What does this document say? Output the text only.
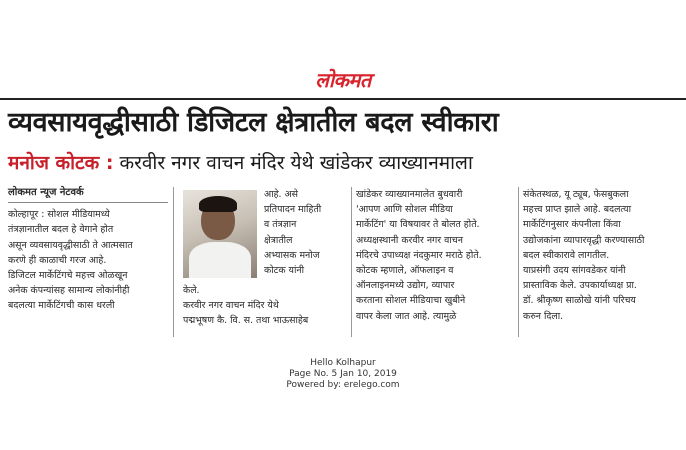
लोकमत
व्यवसायवृद्धीसाठी डिजिटल क्षेत्रातील बदल स्वीकारा
मनोज कोटक : करवीर नगर वाचन मंदिर येथे खांडेकर व्याख्यानमाला
लोकमत न्यूज नेटवर्क
कोल्हापूर : सोशल मीडियामध्ये
तंत्रज्ञानातील बदल हे वेगाने होत
असून व्यवसायवृद्धीसाठी ते आत्मसात
करणे ही काळाची गरज आहे.
डिजिटल मार्केटिंगचे महत्त्व ओळखून
अनेक कंपन्यांसह सामान्य लोकांनीही
बदलत्या मार्केटिंगची कास धरली
आहे. असे
प्रतिपादन माहिती
व तंत्रज्ञान
क्षेत्रातील
अभ्यासक मनोज
कोटक यांनी
केले.
करवीर नगर वाचन मंदिर येथे
पद्मभूषण कै. वि. स. तथा भाऊसाहेब
खांडेकर व्याख्यानमालेत बुधवारी
'आपण आणि सोशल मीडिया
मार्केटिंग' या विषयावर ते बोलत होते.
अध्यक्षस्थानी करवीर नगर वाचन
मंदिरचे उपाध्यक्ष नंदकुमार मराठे होते.
कोटक म्हणाले, ऑफलाइन व
ऑनलाइनमध्ये उद्योग, व्यापार
करताना सोशल मीडियाचा खुबीने
वापर केला जात आहे. त्यामुळे
संकेतस्थळ, यू ट्यूब, फेसबुकला
महत्त्व प्राप्त झाले आहे. बदलत्या
मार्केटिंगनुसार कंपनीला किंवा
उद्योजकांना व्यापारवृद्धी करण्यासाठी
बदल स्वीकारावे लागतील.
याप्रसंगी उदय सांगवडेकर यांनी
प्रास्ताविक केले. उपकार्याध्यक्ष प्रा.
डॉ. श्रीकृष्ण साळोखे यांनी परिचय
करुन दिला.
Hello Kolhapur
Page No. 5 Jan 10, 2019
Powered by: erelego.com
